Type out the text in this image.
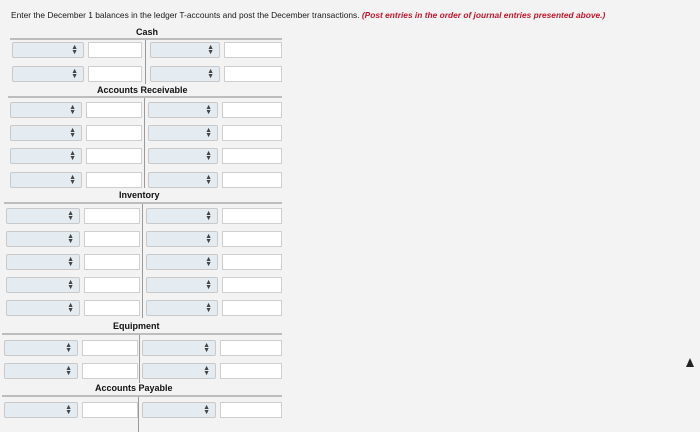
Enter the December 1 balances in the ledger T-accounts and post the December transactions. (Post entries in the order of journal entries presented above.)
Cash
▲
▼
▲
▼
▲
▼
▲
▼
Accounts Receivable
▲
▼
▲
▼
▲
▼
▲
▼
▲
▼
▲
▼
▲
▼
▲
▼
Inventory
▲
▼
▲
▼
▲
▼
▲
▼
▲
▼
▲
▼
▲
▼
▲
▼
▲
▼
▲
▼
Equipment
▲
▼
▲
▼
▲
▼
▲
▼
Accounts Payable
▲
▼
▲
▼
